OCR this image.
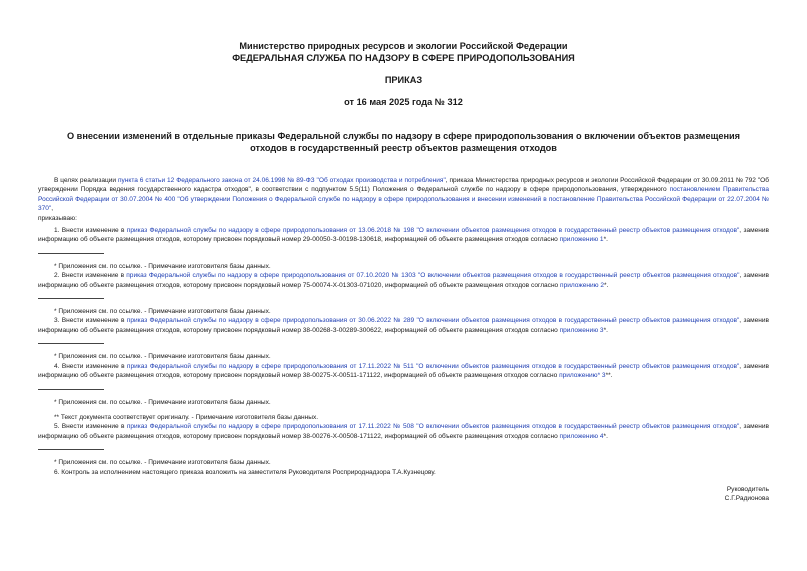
Министерство природных ресурсов и экологии Российской Федерации
ФЕДЕРАЛЬНАЯ СЛУЖБА ПО НАДЗОРУ В СФЕРЕ ПРИРОДОПОЛЬЗОВАНИЯ
ПРИКАЗ
от 16 мая 2025 года № 312
О внесении изменений в отдельные приказы Федеральной службы по надзору в сфере природопользования о включении объектов размещения отходов в государственный реестр объектов размещения отходов

В целях реализации пункта 6 статьи 12 Федерального закона от 24.06.1998 № 89-ФЗ "Об отходах производства и потребления", приказа Министерства природных ресурсов и экологии Российской Федерации от 30.09.2011 № 792 "Об утверждении Порядка ведения государственного кадастра отходов", в соответствии с подпунктом 5.5(11) Положения о Федеральной службе по надзору в сфере природопользования, утвержденного постановлением Правительства Российской Федерации от 30.07.2004 № 400 "Об утверждении Положения о Федеральной службе по надзору в сфере природопользования и внесении изменений в постановление Правительства Российской Федерации от 22.07.2004 № 370",

приказываю:

1. Внести изменение в приказ Федеральной службы по надзору в сфере природопользования от 13.06.2018 № 198 "О включении объектов размещения отходов в государственный реестр объектов размещения отходов", заменив информацию об объекте размещения отходов, которому присвоен порядковый номер 29-00050-З-00198-130618, информацией об объекте размещения отходов согласно приложению 1*.

* Приложения см. по ссылке. - Примечание изготовителя базы данных.

2. Внести изменение в приказ Федеральной службы по надзору в сфере природопользования от 07.10.2020 № 1303 "О включении объектов размещения отходов в государственный реестр объектов размещения отходов", заменив информацию об объекте размещения отходов, которому присвоен порядковый номер 75-00074-Х-01303-071020, информацией об объекте размещения отходов согласно приложению 2*.

* Приложения см. по ссылке. - Примечание изготовителя базы данных.

3. Внести изменение в приказ Федеральной службы по надзору в сфере природопользования от 30.06.2022 № 289 "О включении объектов размещения отходов в государственный реестр объектов размещения отходов", заменив информацию об объекте размещения отходов, которому присвоен порядковый номер 38-00268-З-00289-300622, информацией об объекте размещения отходов согласно приложению 3*.

* Приложения см. по ссылке. - Примечание изготовителя базы данных.

4. Внести изменение в приказ Федеральной службы по надзору в сфере природопользования от 17.11.2022 № 511 "О включении объектов размещения отходов в государственный реестр объектов размещения отходов", заменив информацию об объекте размещения отходов, которому присвоен порядковый номер 38-00275-Х-00511-171122, информацией об объекте размещения отходов согласно приложению* 3**.

* Приложения см. по ссылке. - Примечание изготовителя базы данных.

** Текст документа соответствует оригиналу. - Примечание изготовителя базы данных.

5. Внести изменение в приказ Федеральной службы по надзору в сфере природопользования от 17.11.2022 № 508 "О включении объектов размещения отходов в государственный реестр объектов размещения отходов", заменив информацию об объекте размещения отходов, которому присвоен порядковый номер 38-00276-Х-00508-171122, информацией об объекте размещения отходов согласно приложению 4*.

* Приложения см. по ссылке. - Примечание изготовителя базы данных.

6. Контроль за исполнением настоящего приказа возложить на заместителя Руководителя Росприроднадзора Т.А.Кузнецову.

Руководитель
С.Г.Радионова
